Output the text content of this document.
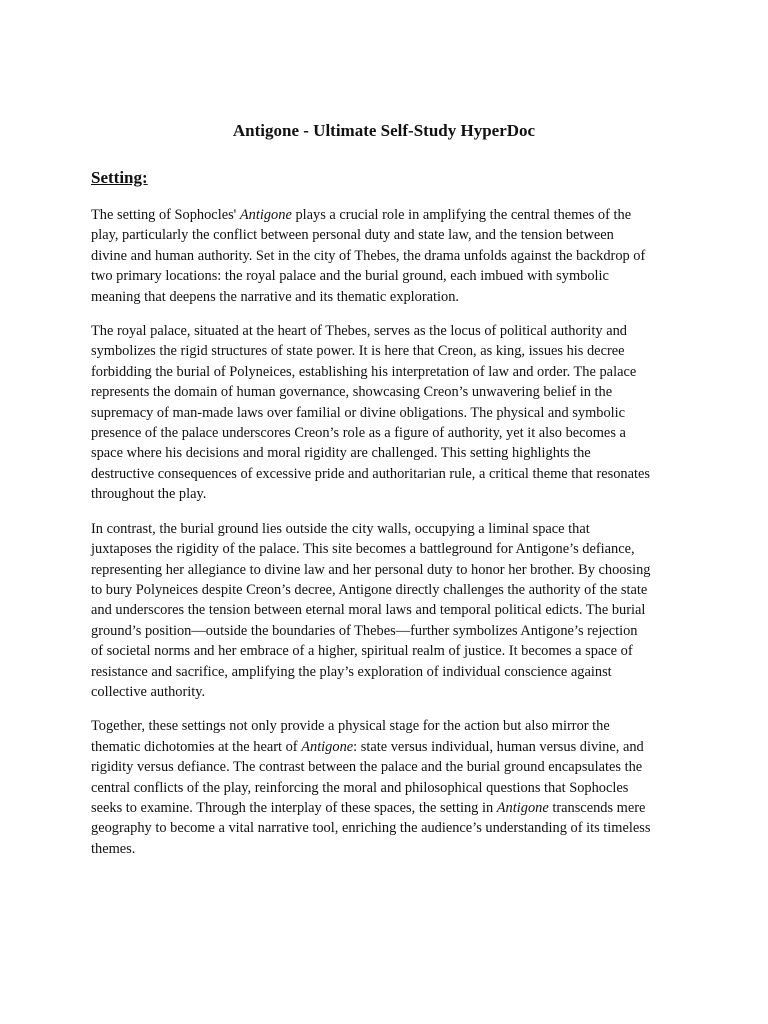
Antigone - Ultimate Self-Study HyperDoc
Setting:

The setting of Sophocles' Antigone plays a crucial role in amplifying the central themes of the
play, particularly the conflict between personal duty and state law, and the tension between
divine and human authority. Set in the city of Thebes, the drama unfolds against the backdrop of
two primary locations: the royal palace and the burial ground, each imbued with symbolic
meaning that deepens the narrative and its thematic exploration.

The royal palace, situated at the heart of Thebes, serves as the locus of political authority and
symbolizes the rigid structures of state power. It is here that Creon, as king, issues his decree
forbidding the burial of Polyneices, establishing his interpretation of law and order. The palace
represents the domain of human governance, showcasing Creon’s unwavering belief in the
supremacy of man-made laws over familial or divine obligations. The physical and symbolic
presence of the palace underscores Creon’s role as a figure of authority, yet it also becomes a
space where his decisions and moral rigidity are challenged. This setting highlights the
destructive consequences of excessive pride and authoritarian rule, a critical theme that resonates
throughout the play.

In contrast, the burial ground lies outside the city walls, occupying a liminal space that
juxtaposes the rigidity of the palace. This site becomes a battleground for Antigone’s defiance,
representing her allegiance to divine law and her personal duty to honor her brother. By choosing
to bury Polyneices despite Creon’s decree, Antigone directly challenges the authority of the state
and underscores the tension between eternal moral laws and temporal political edicts. The burial
ground’s position—outside the boundaries of Thebes—further symbolizes Antigone’s rejection
of societal norms and her embrace of a higher, spiritual realm of justice. It becomes a space of
resistance and sacrifice, amplifying the play’s exploration of individual conscience against
collective authority.

Together, these settings not only provide a physical stage for the action but also mirror the
thematic dichotomies at the heart of Antigone: state versus individual, human versus divine, and
rigidity versus defiance. The contrast between the palace and the burial ground encapsulates the
central conflicts of the play, reinforcing the moral and philosophical questions that Sophocles
seeks to examine. Through the interplay of these spaces, the setting in Antigone transcends mere
geography to become a vital narrative tool, enriching the audience’s understanding of its timeless
themes.
